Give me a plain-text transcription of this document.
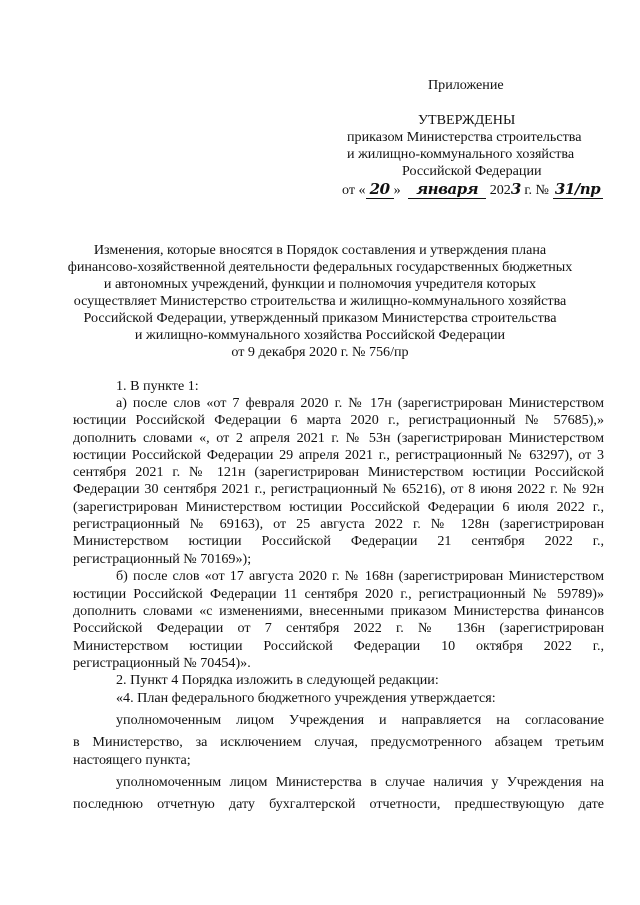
Приложение
УТВЕРЖДЕНЫ
приказом Министерства строительства
и жилищно-коммунального хозяйства
Российской Федерации
от « 20 » января 2023 г. № 31/пр
Изменения, которые вносятся в Порядок составления и утверждения плана
финансово-хозяйственной деятельности федеральных государственных бюджетных
и автономных учреждений, функции и полномочия учредителя которых
осуществляет Министерство строительства и жилищно-коммунального хозяйства
Российской Федерации, утвержденный приказом Министерства строительства
и жилищно-коммунального хозяйства Российской Федерации
от 9 декабря 2020 г. № 756/пр
1. В пункте 1:
а) после слов «от 7 февраля 2020 г. № 17н (зарегистрирован Министерством
юстиции Российской Федерации 6 марта 2020 г., регистрационный № 57685),»
дополнить словами «, от 2 апреля 2021 г. № 53н (зарегистрирован Министерством
юстиции Российской Федерации 29 апреля 2021 г., регистрационный № 63297), от 3
сентября 2021 г. № 121н (зарегистрирован Министерством юстиции Российской
Федерации 30 сентября 2021 г., регистрационный № 65216), от 8 июня 2022 г. № 92н
(зарегистрирован Министерством юстиции Российской Федерации 6 июля 2022 г.,
регистрационный № 69163), от 25 августа 2022 г. № 128н (зарегистрирован
Министерством юстиции Российской Федерации 21 сентября 2022 г.,
регистрационный № 70169»);
б) после слов «от 17 августа 2020 г. № 168н (зарегистрирован Министерством
юстиции Российской Федерации 11 сентября 2020 г., регистрационный № 59789)»
дополнить словами «с изменениями, внесенными приказом Министерства финансов
Российской Федерации от 7 сентября 2022 г. № 136н (зарегистрирован
Министерством юстиции Российской Федерации 10 октября 2022 г.,
регистрационный № 70454)».
2. Пункт 4 Порядка изложить в следующей редакции:
«4. План федерального бюджетного учреждения утверждается:
уполномоченным лицом Учреждения и направляется на согласование
в Министерство, за исключением случая, предусмотренного абзацем третьим
настоящего пункта;
уполномоченным лицом Министерства в случае наличия у Учреждения на
последнюю отчетную дату бухгалтерской отчетности, предшествующую дате
